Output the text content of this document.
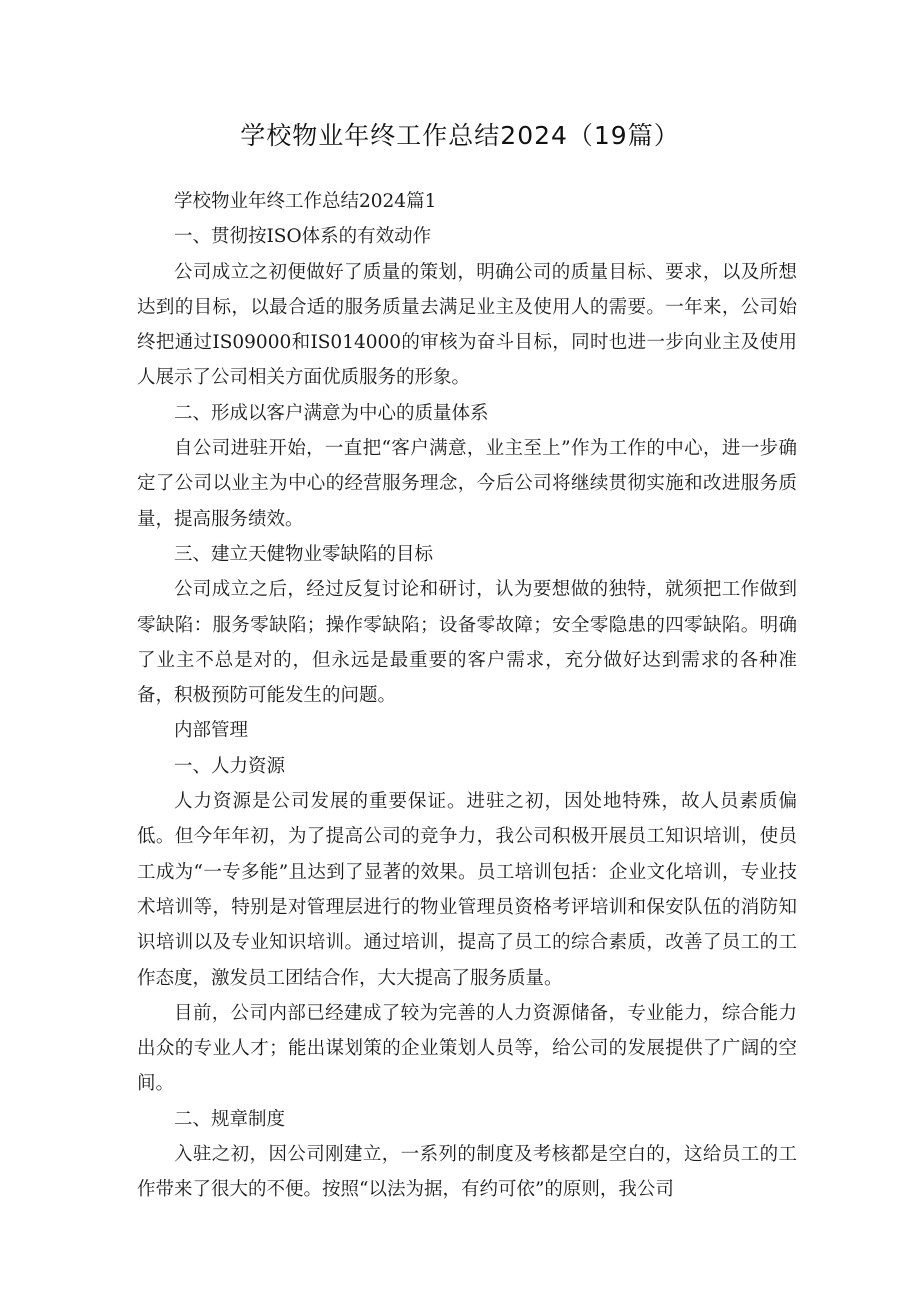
学校物业年终工作总结2024（19篇）

学校物业年终工作总结2024篇1

一、贯彻按ISO体系的有效动作

公司成立之初便做好了质量的策划，明确公司的质量目标、要求，以及所想达到的目标，以最合适的服务质量去满足业主及使用人的需要。一年来，公司始终把通过IS09000和IS014000的审核为奋斗目标，同时也进一步向业主及使用人展示了公司相关方面优质服务的形象。

二、形成以客户满意为中心的质量体系

自公司进驻开始，一直把“客户满意，业主至上”作为工作的中心，进一步确定了公司以业主为中心的经营服务理念，今后公司将继续贯彻实施和改进服务质量，提高服务绩效。

三、建立天健物业零缺陷的目标

公司成立之后，经过反复讨论和研讨，认为要想做的独特，就须把工作做到零缺陷：服务零缺陷；操作零缺陷；设备零故障；安全零隐患的四零缺陷。明确了业主不总是对的，但永远是最重要的客户需求，充分做好达到需求的各种准备，积极预防可能发生的问题。

内部管理

一、人力资源

人力资源是公司发展的重要保证。进驻之初，因处地特殊，故人员素质偏低。但今年年初，为了提高公司的竞争力，我公司积极开展员工知识培训，使员工成为“一专多能”且达到了显著的效果。员工培训包括：企业文化培训，专业技术培训等，特别是对管理层进行的物业管理员资格考评培训和保安队伍的消防知识培训以及专业知识培训。通过培训，提高了员工的综合素质，改善了员工的工作态度，激发员工团结合作，大大提高了服务质量。

目前，公司内部已经建成了较为完善的人力资源储备，专业能力，综合能力出众的专业人才；能出谋划策的企业策划人员等，给公司的发展提供了广阔的空间。

二、规章制度

入驻之初，因公司刚建立，一系列的制度及考核都是空白的，这给员工的工作带来了很大的不便。按照“以法为据，有约可依”的原则，我公司
